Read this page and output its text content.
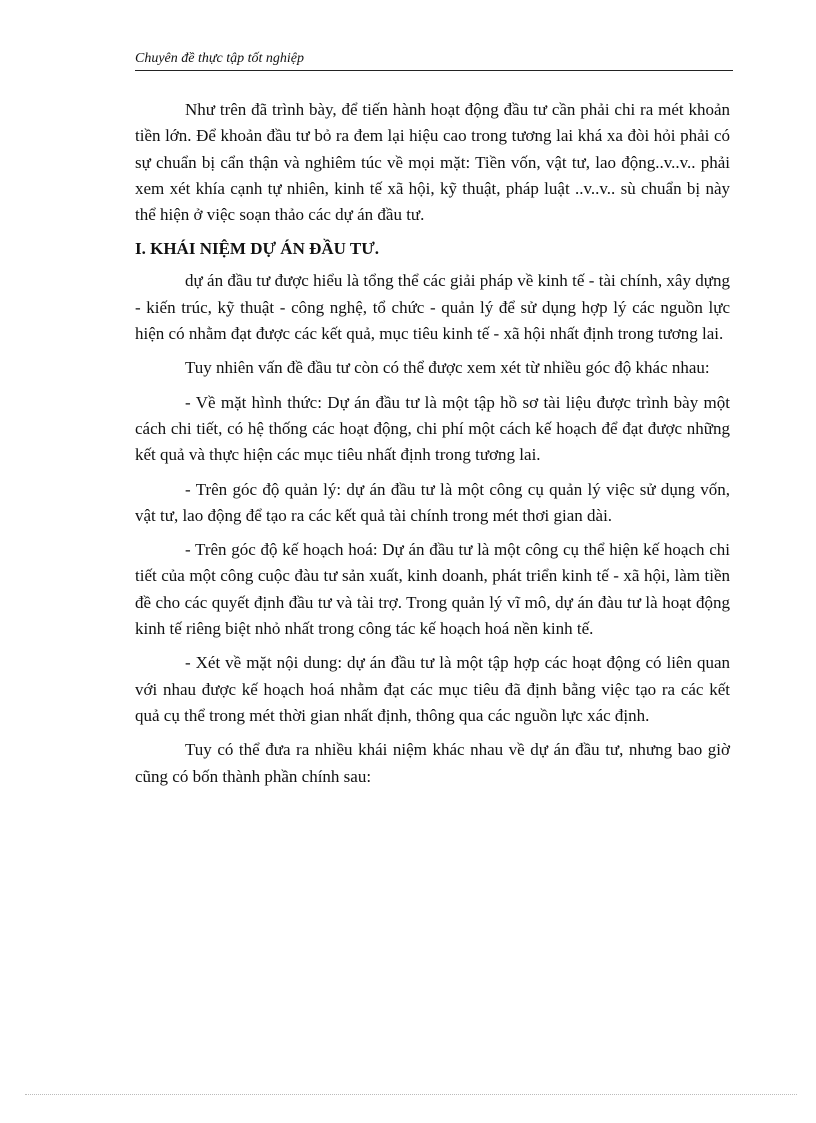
Chuyên đề thực tập tốt nghiệp

Như trên đã trình bày, để tiến hành hoạt động đầu tư cần phải chi ra mét khoản tiền lớn. Để khoản đầu tư bỏ ra đem lại hiệu cao trong tương lai khá xa đòi hỏi phải có sự chuẩn bị cẩn thận và nghiêm túc về mọi mặt: Tiền vốn, vật tư, lao động..v..v.. phải xem xét khía cạnh tự nhiên, kinh tế xã hội, kỹ thuật, pháp luật ..v..v.. sù chuẩn bị này thể hiện ở việc soạn thảo các dự án đầu tư.

I. KHÁI NIỆM DỰ ÁN ĐẦU TƯ.

dự án đầu tư được hiểu là tổng thể các giải pháp về kinh tế - tài chính, xây dựng - kiến trúc, kỹ thuật - công nghệ, tổ chức - quản lý để sử dụng hợp lý các nguồn lực hiện có nhằm đạt được các kết quả, mục tiêu kinh tế - xã hội nhất định trong tương lai.

Tuy nhiên vấn đề đầu tư còn có thể được xem xét từ nhiều góc độ khác nhau:

- Về mặt hình thức: Dự án đầu tư là một tập hồ sơ tài liệu được trình bày một cách chi tiết, có hệ thống các hoạt động, chi phí một cách kế hoạch để đạt được những kết quả và thực hiện các mục tiêu nhất định trong tương lai.

- Trên góc độ quản lý: dự án đầu tư là một công cụ quản lý việc sử dụng vốn, vật tư, lao động để tạo ra các kết quả tài chính trong mét thơi gian dài.

- Trên góc độ kế hoạch hoá: Dự án đầu tư là một công cụ thể hiện kế hoạch chi tiết của một công cuộc đàu tư sản xuất, kinh doanh, phát triển kinh tế - xã hội, làm tiền đề cho các quyết định đầu tư và tài trợ. Trong quản lý vĩ mô, dự án đàu tư là hoạt động kinh tế riêng biệt nhỏ nhất trong công tác kế hoạch hoá nền kinh tế.

- Xét về mặt nội dung: dự án đầu tư là một tập hợp các hoạt động có liên quan với nhau được kế hoạch hoá nhằm đạt các mục tiêu đã định bằng việc tạo ra các kết quả cụ thể trong mét thời gian nhất định, thông qua các nguồn lực xác định.

Tuy có thể đưa ra nhiều khái niệm khác nhau về dự án đầu tư, nhưng bao giờ cũng có bốn thành phần chính sau:
